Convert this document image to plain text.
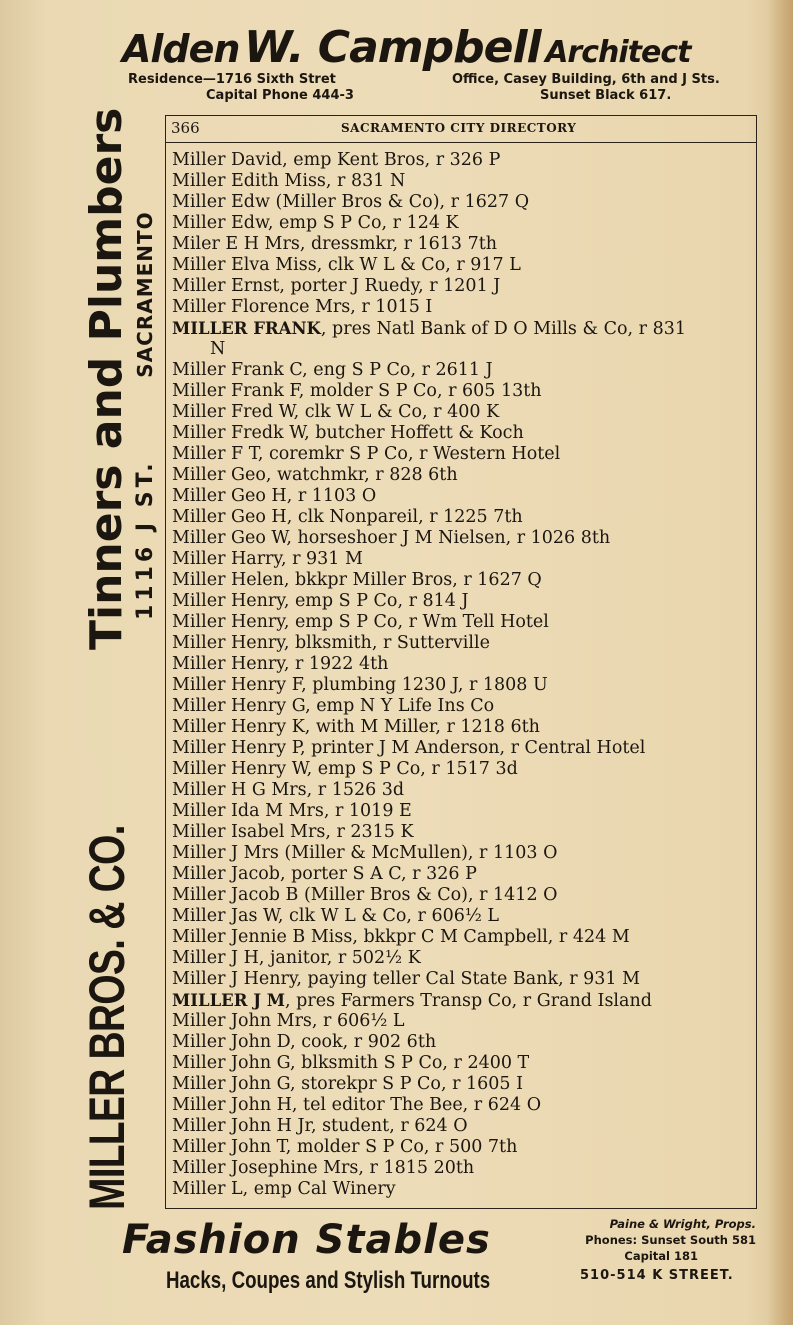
Alden W. Campbell Architect
Residence—1716 Sixth Stret
Capital Phone 444-3
Office, Casey Building, 6th and J Sts.
Sunset Black 617.
MILLER BROS. & CO.
Tinners and Plumbers 1116 J ST. SACRAMENTO
366	SACRAMENTO CITY DIRECTORY
Miller David, emp Kent Bros, r 326 P
Miller Edith Miss, r 831 N
Miller Edw (Miller Bros & Co), r 1627 Q
Miller Edw, emp S P Co, r 124 K
Miler E H Mrs, dressmkr, r 1613 7th
Miller Elva Miss, clk W L & Co, r 917 L
Miller Ernst, porter J Ruedy, r 1201 J
Miller Florence Mrs, r 1015 I
MILLER FRANK, pres Natl Bank of D O Mills & Co, r 831
N
Miller Frank C, eng S P Co, r 2611 J
Miller Frank F, molder S P Co, r 605 13th
Miller Fred W, clk W L & Co, r 400 K
Miller Fredk W, butcher Hoffett & Koch
Miller F T, coremkr S P Co, r Western Hotel
Miller Geo, watchmkr, r 828 6th
Miller Geo H, r 1103 O
Miller Geo H, clk Nonpareil, r 1225 7th
Miller Geo W, horseshoer J M Nielsen, r 1026 8th
Miller Harry, r 931 M
Miller Helen, bkkpr Miller Bros, r 1627 Q
Miller Henry, emp S P Co, r 814 J
Miller Henry, emp S P Co, r Wm Tell Hotel
Miller Henry, blksmith, r Sutterville
Miller Henry, r 1922 4th
Miller Henry F, plumbing 1230 J, r 1808 U
Miller Henry G, emp N Y Life Ins Co
Miller Henry K, with M Miller, r 1218 6th
Miller Henry P, printer J M Anderson, r Central Hotel
Miller Henry W, emp S P Co, r 1517 3d
Miller H G Mrs, r 1526 3d
Miller Ida M Mrs, r 1019 E
Miller Isabel Mrs, r 2315 K
Miller J Mrs (Miller & McMullen), r 1103 O
Miller Jacob, porter S A C, r 326 P
Miller Jacob B (Miller Bros & Co), r 1412 O
Miller Jas W, clk W L & Co, r 606½ L
Miller Jennie B Miss, bkkpr C M Campbell, r 424 M
Miller J H, janitor, r 502½ K
Miller J Henry, paying teller Cal State Bank, r 931 M
MILLER J M, pres Farmers Transp Co, r Grand Island
Miller John Mrs, r 606½ L
Miller John D, cook, r 902 6th
Miller John G, blksmith S P Co, r 2400 T
Miller John G, storekpr S P Co, r 1605 I
Miller John H, tel editor The Bee, r 624 O
Miller John H Jr, student, r 624 O
Miller John T, molder S P Co, r 500 7th
Miller Josephine Mrs, r 1815 20th
Miller L, emp Cal Winery
Fashion Stables
Hacks, Coupes and Stylish Turnouts
Paine & Wright, Props.
Phones: Sunset South 581
Capital 181
510-514 K STREET.
